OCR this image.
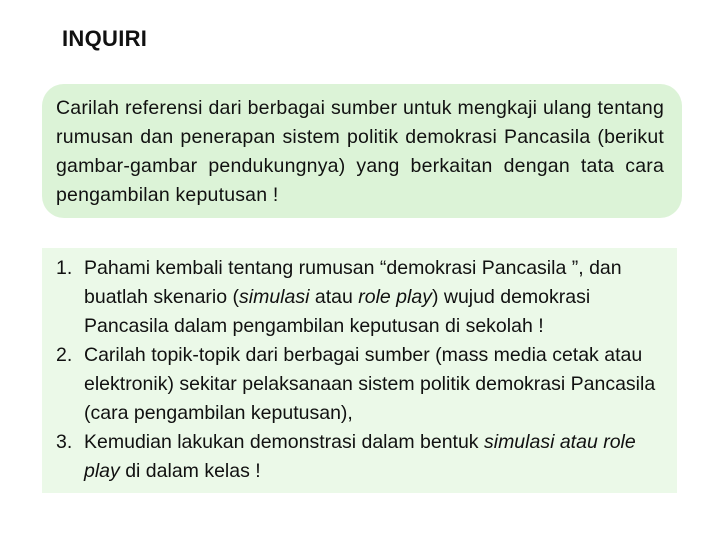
INQUIRI
Carilah referensi dari berbagai sumber untuk mengkaji ulang tentang rumusan dan penerapan sistem politik demokrasi Pancasila (berikut gambar-gambar pendukungnya) yang berkaitan dengan tata cara pengambilan keputusan !
1. Pahami kembali tentang rumusan “demokrasi Pancasila ”, dan buatlah skenario (simulasi atau role play) wujud demokrasi Pancasila dalam pengambilan keputusan di sekolah !
2. Carilah topik-topik dari berbagai sumber (mass media cetak atau elektronik) sekitar pelaksanaan sistem politik demokrasi Pancasila (cara pengambilan keputusan),
3. Kemudian lakukan demonstrasi dalam bentuk simulasi atau role play di dalam kelas !
